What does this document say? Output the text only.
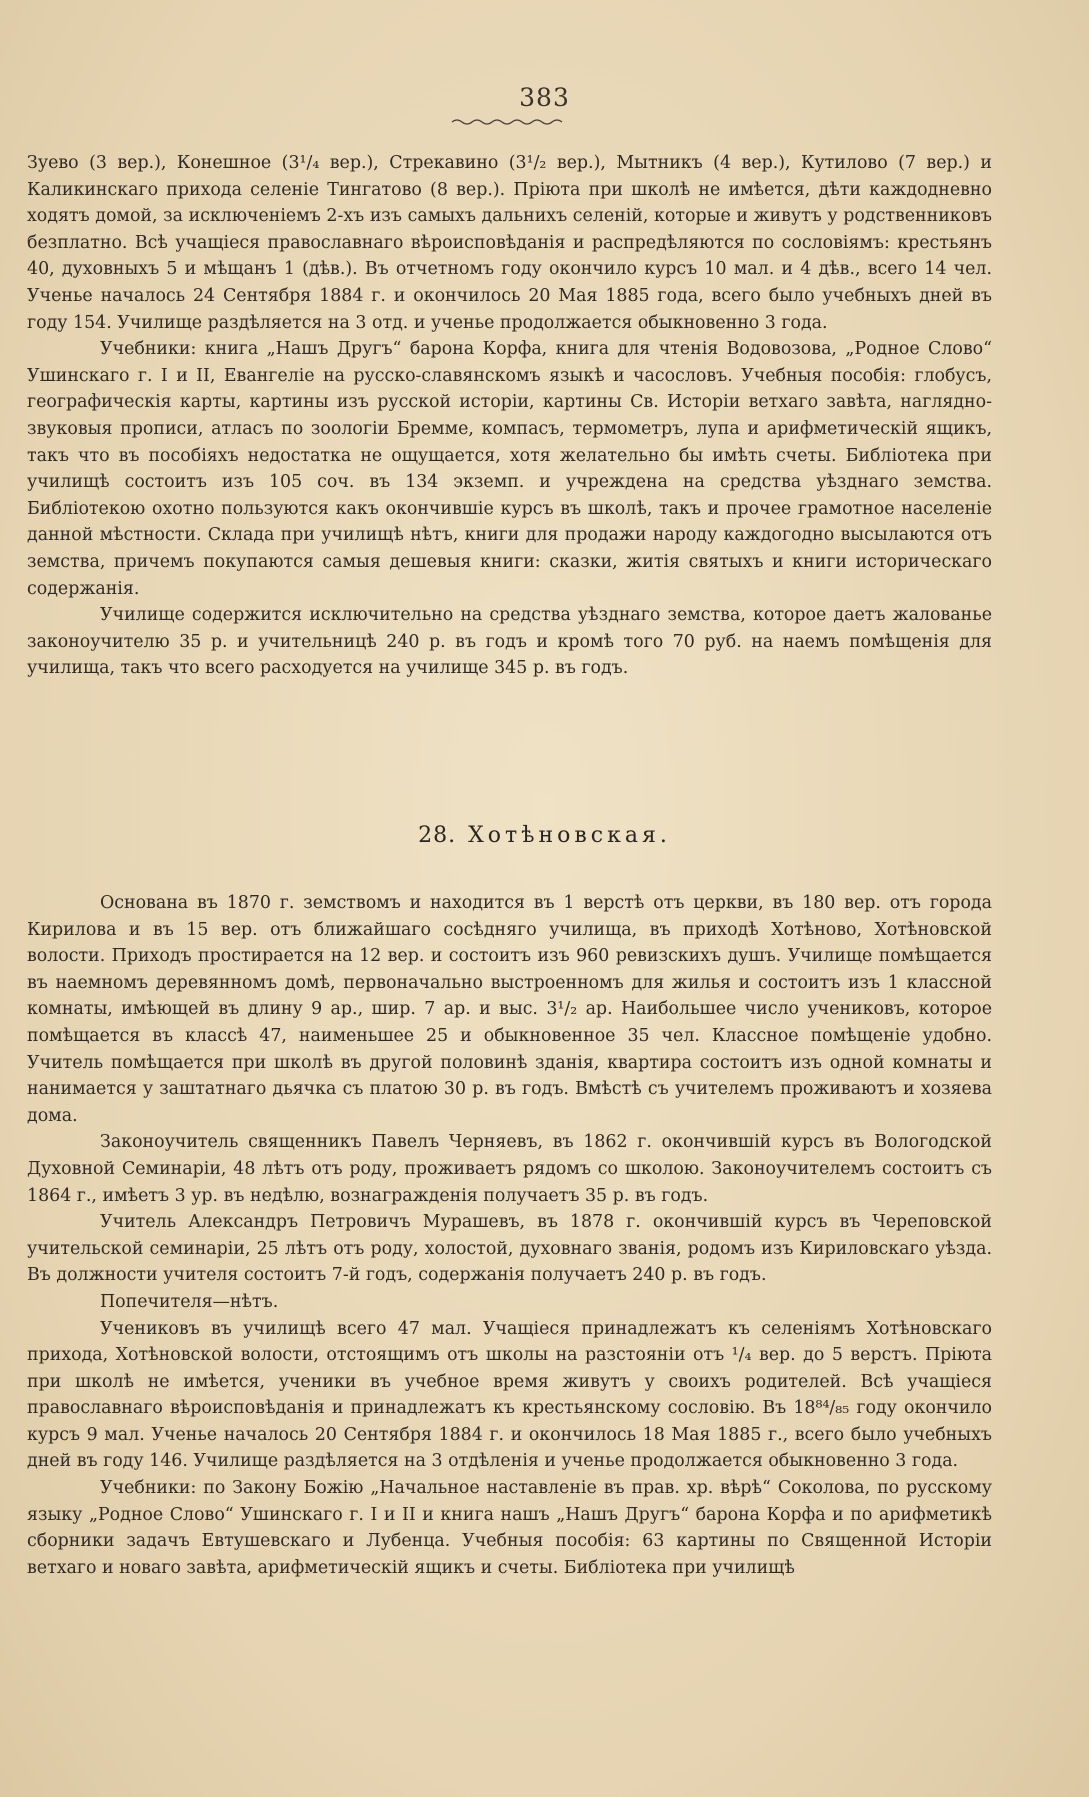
383

Зуево (3 вер.), Конешное (3¹/₄ вер.), Стрекавино (3¹/₂ вер.), Мытникъ (4 вер.), Кутилово (7 вер.) и Каликинскаго прихода селеніе Тингатово (8 вер.). Пріюта при школѣ не имѣется, дѣти каждодневно ходятъ домой, за исключеніемъ 2-хъ изъ самыхъ дальнихъ селеній, которые и живутъ у родственниковъ безплатно. Всѣ учащіеся православнаго вѣроисповѣданія и распредѣляются по сословіямъ: крестьянъ 40, духовныхъ 5 и мѣщанъ 1 (дѣв.). Въ отчетномъ году окончило курсъ 10 мал. и 4 дѣв., всего 14 чел. Ученье началось 24 Сентября 1884 г. и окончилось 20 Мая 1885 года, всего было учебныхъ дней въ году 154. Училище раздѣляется на 3 отд. и ученье продолжается обыкновенно 3 года.

Учебники: книга „Нашъ Другъ“ барона Корфа, книга для чтенія Водовозова, „Родное Слово“ Ушинскаго г. I и II, Евангеліе на русско-славянскомъ языкѣ и часословъ. Учебныя пособія: глобусъ, географическія карты, картины изъ русской исторіи, картины Св. Исторіи ветхаго завѣта, наглядно-звуковыя прописи, атласъ по зоологіи Бремме, компасъ, термометръ, лупа и арифметическій ящикъ, такъ что въ пособіяхъ недостатка не ощущается, хотя желательно бы имѣть счеты. Библіотека при училищѣ состоитъ изъ 105 соч. въ 134 экземп. и учреждена на средства уѣзднаго земства. Библіотекою охотно пользуются какъ окончившіе курсъ въ школѣ, такъ и прочее грамотное населеніе данной мѣстности. Склада при училищѣ нѣтъ, книги для продажи народу каждогодно высылаются отъ земства, причемъ покупаются самыя дешевыя книги: сказки, житія святыхъ и книги историческаго содержанія.

Училище содержится исключительно на средства уѣзднаго земства, которое даетъ жалованье законоучителю 35 р. и учительницѣ 240 р. въ годъ и кромѣ того 70 руб. на наемъ помѣщенія для училища, такъ что всего расходуется на училище 345 р. въ годъ.

28. Хотѣновская.

Основана въ 1870 г. земствомъ и находится въ 1 верстѣ отъ церкви, въ 180 вер. отъ города Кирилова и въ 15 вер. отъ ближайшаго сосѣдняго училища, въ приходѣ Хотѣново, Хотѣновской волости. Приходъ простирается на 12 вер. и состоитъ изъ 960 ревизскихъ душъ. Училище помѣщается въ наемномъ деревянномъ домѣ, первоначально выстроенномъ для жилья и состоитъ изъ 1 классной комнаты, имѣющей въ длину 9 ар., шир. 7 ар. и выс. 3¹/₂ ар. Наибольшее число учениковъ, которое помѣщается въ классѣ 47, наименьшее 25 и обыкновенное 35 чел. Классное помѣщеніе удобно. Учитель помѣщается при школѣ въ другой половинѣ зданія, квартира состоитъ изъ одной комнаты и нанимается у заштатнаго дьячка съ платою 30 р. въ годъ. Вмѣстѣ съ учителемъ проживаютъ и хозяева дома.

Законоучитель священникъ Павелъ Черняевъ, въ 1862 г. окончившій курсъ въ Вологодской Духовной Семинаріи, 48 лѣтъ отъ роду, проживаетъ рядомъ со школою. Законоучителемъ состоитъ съ 1864 г., имѣетъ 3 ур. въ недѣлю, вознагражденія получаетъ 35 р. въ годъ.

Учитель Александръ Петровичъ Мурашевъ, въ 1878 г. окончившій курсъ въ Череповской учительской семинаріи, 25 лѣтъ отъ роду, холостой, духовнаго званія, родомъ изъ Кириловскаго уѣзда. Въ должности учителя состоитъ 7-й годъ, содержанія получаетъ 240 р. въ годъ.

Попечителя—нѣтъ.

Учениковъ въ училищѣ всего 47 мал. Учащіеся принадлежатъ къ селеніямъ Хотѣновскаго прихода, Хотѣновской волости, отстоящимъ отъ школы на разстояніи отъ ¹/₄ вер. до 5 верстъ. Пріюта при школѣ не имѣется, ученики въ учебное время живутъ у своихъ родителей. Всѣ учащіеся православнаго вѣроисповѣданія и принадлежатъ къ крестьянскому сословію. Въ 18⁸⁴/₈₅ году окончило курсъ 9 мал. Ученье началось 20 Сентября 1884 г. и окончилось 18 Мая 1885 г., всего было учебныхъ дней въ году 146. Училище раздѣляется на 3 отдѣленія и ученье продолжается обыкновенно 3 года.

Учебники: по Закону Божію „Начальное наставленіе въ прав. хр. вѣрѣ“ Соколова, по русскому языку „Родное Слово“ Ушинскаго г. I и II и книга нашъ „Нашъ Другъ“ барона Корфа и по арифметикѣ сборники задачъ Евтушевскаго и Лубенца. Учебныя пособія: 63 картины по Священной Исторіи ветхаго и новаго завѣта, арифметическій ящикъ и счеты. Библіотека при училищѣ
